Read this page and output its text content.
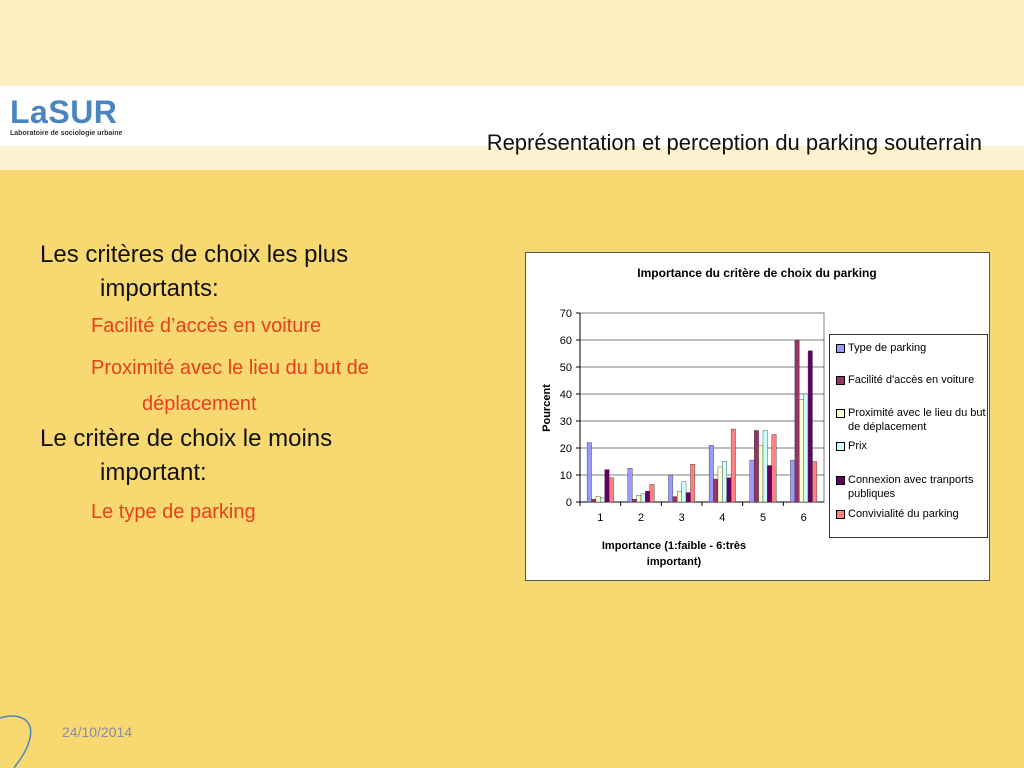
LaSUR
Laboratoire de sociologie urbaine	Représentation et perception du parking souterrain
Les critères de choix les plus
importants:
Facilité d’accès en voiture
Proximité avec le lieu du but de
déplacement
Le critère de choix le moins
important:
Le type de parking
Importance du critère de choix du parking
Pourcent
Importance (1:faible - 6:très
important)
0
10
20
30
40
50
60
70
1	2	3	4	5	6
Type de parking
Facilité d'accès en voiture
Proximité avec le lieu du but de déplacement
Prix
Connexion avec tranports publiques
Convivialité du parking
24/10/2014
